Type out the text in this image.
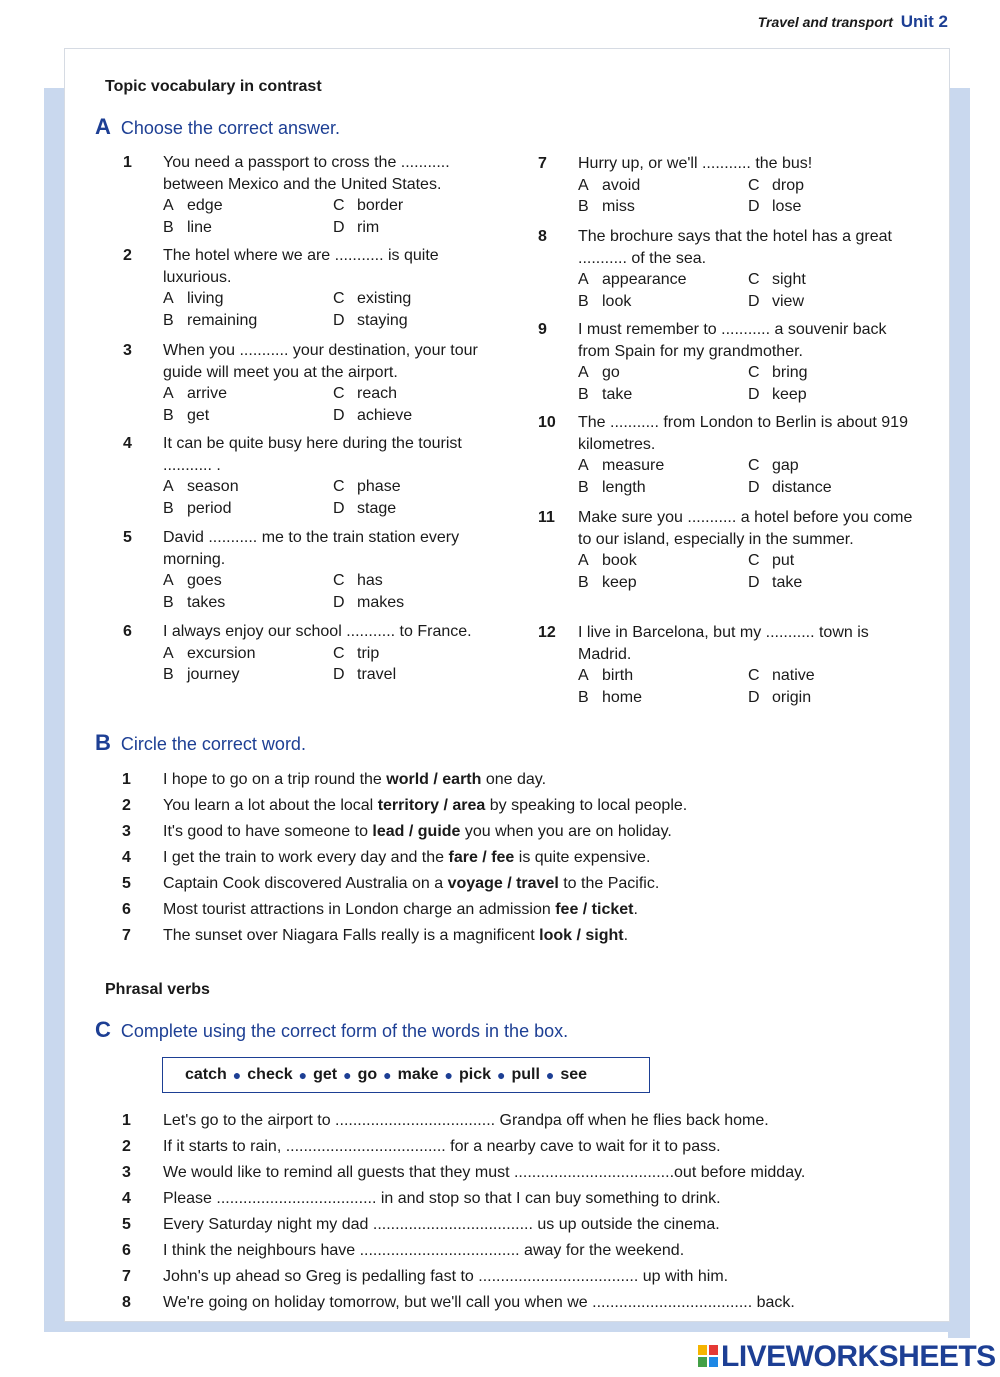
Travel and transport Unit 2
Topic vocabulary in contrast
A Choose the correct answer.
1	You need a passport to cross the ........... between Mexico and the United States.
A edge	C border
B line	D rim
2	The hotel where we are ........... is quite luxurious.
A living	C existing
B remaining	D staying
3	When you ........... your destination, your tour guide will meet you at the airport.
A arrive	C reach
B get	D achieve
4	It can be quite busy here during the tourist ........... .
A season	C phase
B period	D stage
5	David ........... me to the train station every morning.
A goes	C has
B takes	D makes
6	I always enjoy our school ........... to France.
A excursion	C trip
B journey	D travel
7	Hurry up, or we'll ........... the bus!
A avoid	C drop
B miss	D lose
8	The brochure says that the hotel has a great ........... of the sea.
A appearance	C sight
B look	D view
9	I must remember to ........... a souvenir back from Spain for my grandmother.
A go	C bring
B take	D keep
10	The ........... from London to Berlin is about 919 kilometres.
A measure	C gap
B length	D distance
11	Make sure you ........... a hotel before you come to our island, especially in the summer.
A book	C put
B keep	D take
12	I live in Barcelona, but my ........... town is Madrid.
A birth	C native
B home	D origin
B Circle the correct word.
1 I hope to go on a trip round the world / earth one day.
2 You learn a lot about the local territory / area by speaking to local people.
3 It's good to have someone to lead / guide you when you are on holiday.
4 I get the train to work every day and the fare / fee is quite expensive.
5 Captain Cook discovered Australia on a voyage / travel to the Pacific.
6 Most tourist attractions in London charge an admission fee / ticket.
7 The sunset over Niagara Falls really is a magnificent look / sight.
Phrasal verbs
C Complete using the correct form of the words in the box.
catch ● check ● get ● go ● make ● pick ● pull ● see
1 Let's go to the airport to .................................... Grandpa off when he flies back home.
2 If it starts to rain, .................................... for a nearby cave to wait for it to pass.
3 We would like to remind all guests that they must ....................................out before midday.
4 Please .................................... in and stop so that I can buy something to drink.
5 Every Saturday night my dad .................................... us up outside the cinema.
6 I think the neighbours have .................................... away for the weekend.
7 John's up ahead so Greg is pedalling fast to .................................... up with him.
8 We're going on holiday tomorrow, but we'll call you when we .................................... back.
LIVEWORKSHEETS
